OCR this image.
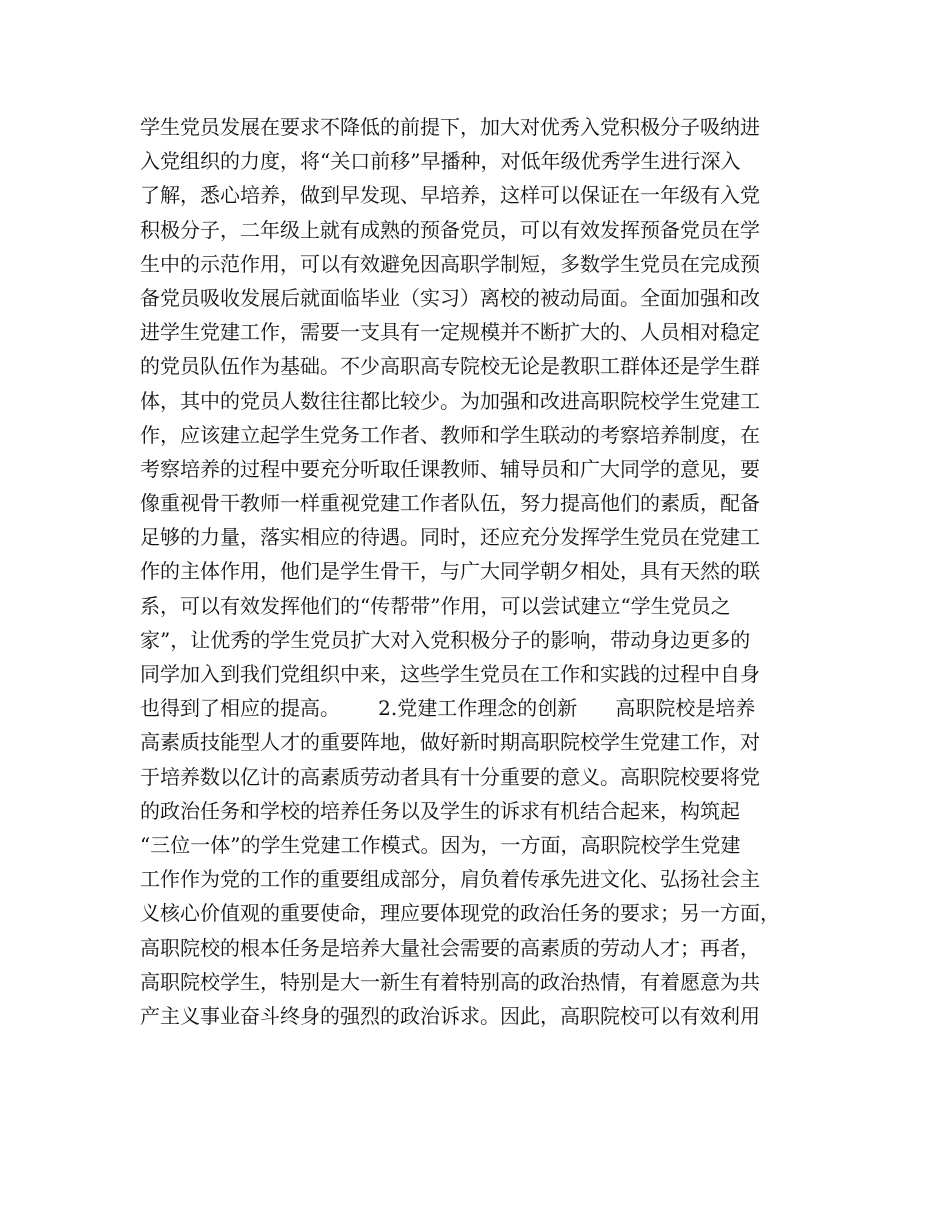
学生党员发展在要求不降低的前提下，加大对优秀入党积极分子吸纳进
入党组织的力度，将“关口前移”早播种，对低年级优秀学生进行深入
了解，悉心培养，做到早发现、早培养，这样可以保证在一年级有入党
积极分子，二年级上就有成熟的预备党员，可以有效发挥预备党员在学
生中的示范作用，可以有效避免因高职学制短，多数学生党员在完成预
备党员吸收发展后就面临毕业（实习）离校的被动局面。全面加强和改
进学生党建工作，需要一支具有一定规模并不断扩大的、人员相对稳定
的党员队伍作为基础。不少高职高专院校无论是教职工群体还是学生群
体，其中的党员人数往往都比较少。为加强和改进高职院校学生党建工
作，应该建立起学生党务工作者、教师和学生联动的考察培养制度，在
考察培养的过程中要充分听取任课教师、辅导员和广大同学的意见，要
像重视骨干教师一样重视党建工作者队伍，努力提高他们的素质，配备
足够的力量，落实相应的待遇。同时，还应充分发挥学生党员在党建工
作的主体作用，他们是学生骨干，与广大同学朝夕相处，具有天然的联
系，可以有效发挥他们的“传帮带”作用，可以尝试建立“学生党员之
家”，让优秀的学生党员扩大对入党积极分子的影响，带动身边更多的
同学加入到我们党组织中来，这些学生党员在工作和实践的过程中自身
也得到了相应的提高。      2.党建工作理念的创新      高职院校是培养
高素质技能型人才的重要阵地，做好新时期高职院校学生党建工作，对
于培养数以亿计的高素质劳动者具有十分重要的意义。高职院校要将党
的政治任务和学校的培养任务以及学生的诉求有机结合起来，构筑起
“三位一体”的学生党建工作模式。因为，一方面，高职院校学生党建
工作作为党的工作的重要组成部分，肩负着传承先进文化、弘扬社会主
义核心价值观的重要使命，理应要体现党的政治任务的要求；另一方面，
高职院校的根本任务是培养大量社会需要的高素质的劳动人才；再者，
高职院校学生，特别是大一新生有着特别高的政治热情，有着愿意为共
产主义事业奋斗终身的强烈的政治诉求。因此，高职院校可以有效利用
